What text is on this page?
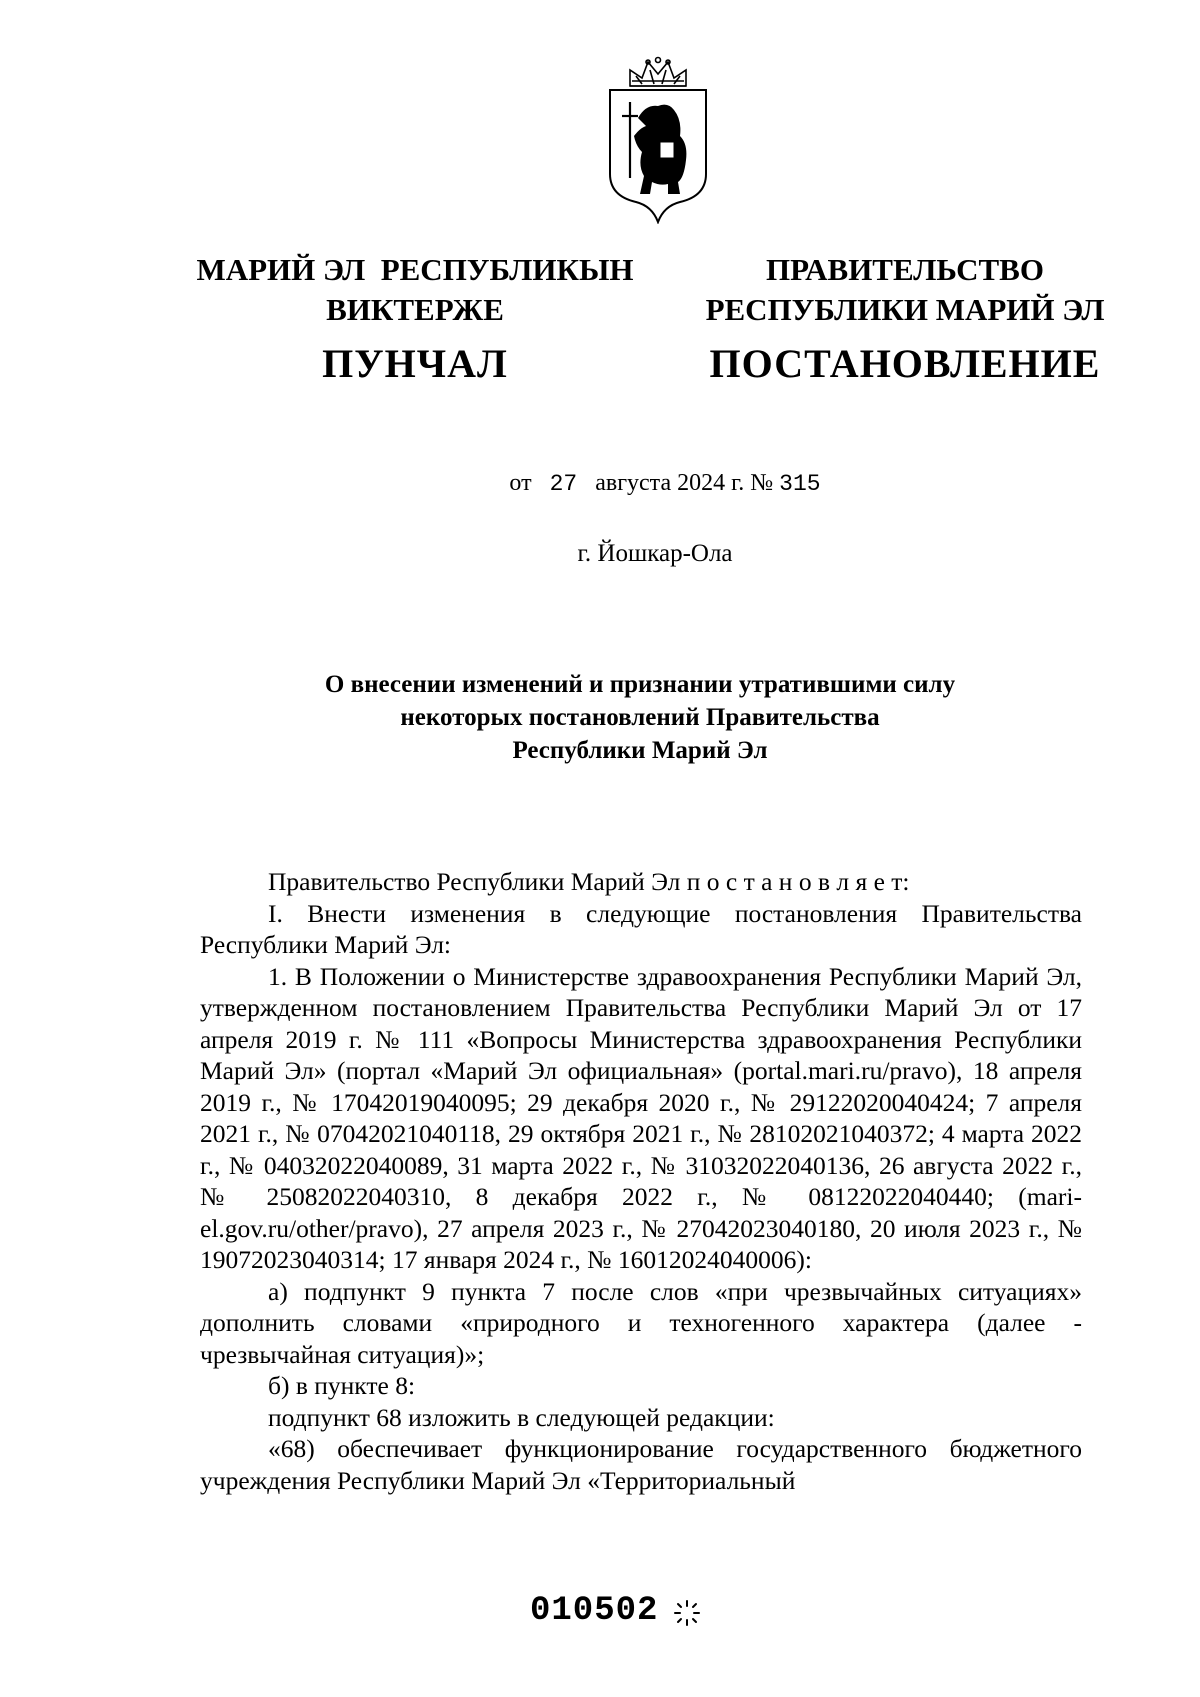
МАРИЙ ЭЛ  РЕСПУБЛИКЫН
ВИКТЕРЖЕ
ПУНЧАЛ
ПРАВИТЕЛЬСТВО
РЕСПУБЛИКИ МАРИЙ ЭЛ
ПОСТАНОВЛЕНИЕ
от 27 августа 2024 г. № 315
г. Йошкар-Ола
О внесении изменений и признании утратившими силу
некоторых постановлений Правительства
Республики Марий Эл

Правительство Республики Марий Эл п о с т а н о в л я е т:

I. Внести изменения в следующие постановления Правительства Республики Марий Эл:

1. В Положении о Министерстве здравоохранения Республики Марий Эл, утвержденном постановлением Правительства Республики Марий Эл от 17 апреля 2019 г. № 111 «Вопросы Министерства здравоохранения Республики Марий Эл» (портал «Марий Эл официальная» (portal.mari.ru/pravo), 18 апреля 2019 г., № 17042019040095; 29 декабря 2020 г., № 29122020040424; 7 апреля 2021 г., № 07042021040118, 29 октября 2021 г., № 28102021040372; 4 марта 2022 г., № 04032022040089, 31 марта 2022 г., № 31032022040136, 26 августа 2022 г., № 25082022040310, 8 декабря 2022 г., № 08122022040440; (mari-el.gov.ru/other/pravo), 27 апреля 2023 г., № 27042023040180, 20 июля 2023 г., № 19072023040314; 17 января 2024 г., № 16012024040006):

а) подпункт 9 пункта 7 после слов «при чрезвычайных ситуациях» дополнить словами «природного и техногенного характера (далее - чрезвычайная ситуация)»;

б) в пункте 8:

подпункт 68 изложить в следующей редакции:

«68) обеспечивает функционирование государственного бюджетного учреждения Республики Марий Эл «Территориальный

010502
